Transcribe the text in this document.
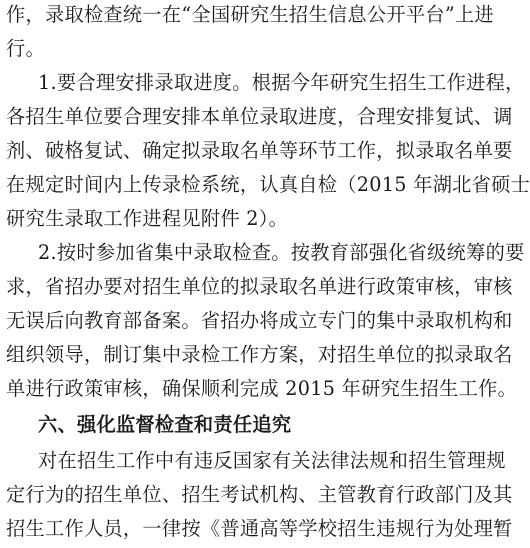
作，录取检查统一在“全国研究生招生信息公开平台”上进
行。
1.要合理安排录取进度。根据今年研究生招生工作进程，
各招生单位要合理安排本单位录取进度，合理安排复试、调
剂、破格复试、确定拟录取名单等环节工作，拟录取名单要
在规定时间内上传录检系统，认真自检（2015 年湖北省硕士
研究生录取工作进程见附件 2）。
2.按时参加省集中录取检查。按教育部强化省级统筹的要
求，省招办要对招生单位的拟录取名单进行政策审核，审核
无误后向教育部备案。省招办将成立专门的集中录取机构和
组织领导，制订集中录检工作方案，对招生单位的拟录取名
单进行政策审核，确保顺利完成 2015 年研究生招生工作。
六、强化监督检查和责任追究
对在招生工作中有违反国家有关法律法规和招生管理规
定行为的招生单位、招生考试机构、主管教育行政部门及其
招生工作人员，一律按《普通高等学校招生违规行为处理暂
